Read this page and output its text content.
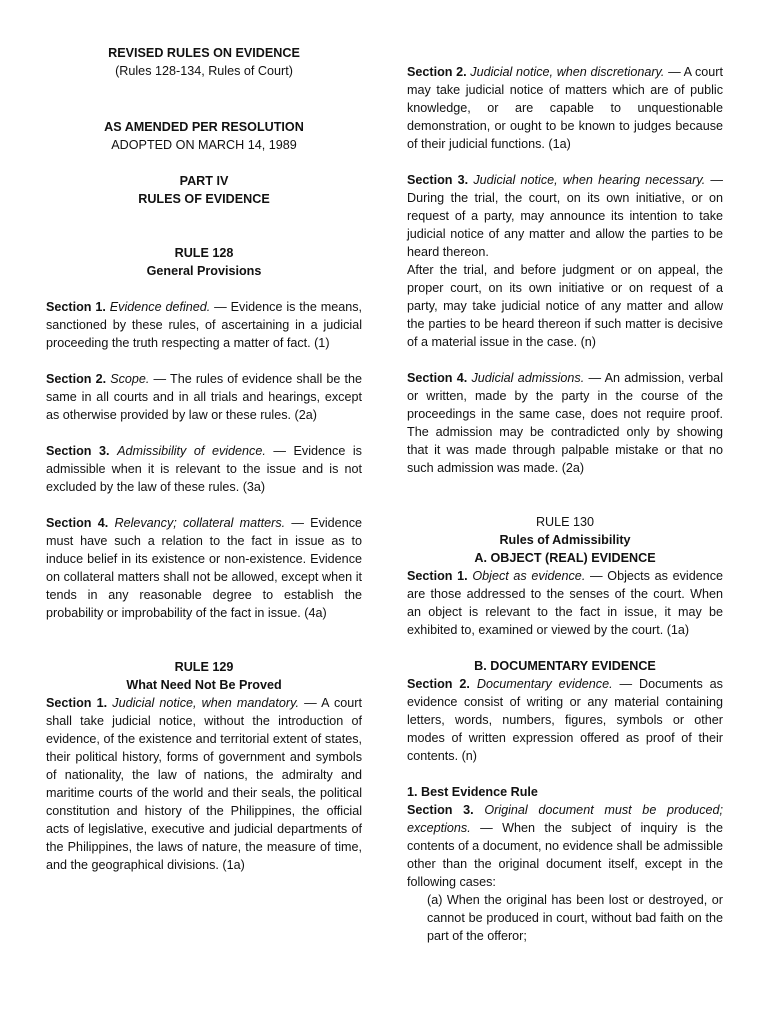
REVISED RULES ON EVIDENCE

(Rules 128-134, Rules of Court)

AS AMENDED PER RESOLUTION

ADOPTED ON MARCH 14, 1989

PART IV

RULES OF EVIDENCE

RULE 128

General Provisions

Section 1. Evidence defined. — Evidence is the means, sanctioned by these rules, of ascertaining in a judicial proceeding the truth respecting a matter of fact. (1)

Section 2. Scope. — The rules of evidence shall be the same in all courts and in all trials and hearings, except as otherwise provided by law or these rules. (2a)

Section 3. Admissibility of evidence. — Evidence is admissible when it is relevant to the issue and is not excluded by the law of these rules. (3a)

Section 4. Relevancy; collateral matters. — Evidence must have such a relation to the fact in issue as to induce belief in its existence or non-existence. Evidence on collateral matters shall not be allowed, except when it tends in any reasonable degree to establish the probability or improbability of the fact in issue. (4a)

RULE 129

What Need Not Be Proved

Section 1. Judicial notice, when mandatory. — A court shall take judicial notice, without the introduction of evidence, of the existence and territorial extent of states, their political history, forms of government and symbols of nationality, the law of nations, the admiralty and maritime courts of the world and their seals, the political constitution and history of the Philippines, the official acts of legislative, executive and judicial departments of the Philippines, the laws of nature, the measure of time, and the geographical divisions. (1a)

Section 2. Judicial notice, when discretionary. — A court may take judicial notice of matters which are of public knowledge, or are capable to unquestionable demonstration, or ought to be known to judges because of their judicial functions. (1a)

Section 3. Judicial notice, when hearing necessary. — During the trial, the court, on its own initiative, or on request of a party, may announce its intention to take judicial notice of any matter and allow the parties to be heard thereon.

After the trial, and before judgment or on appeal, the proper court, on its own initiative or on request of a party, may take judicial notice of any matter and allow the parties to be heard thereon if such matter is decisive of a material issue in the case. (n)

Section 4. Judicial admissions. — An admission, verbal or written, made by the party in the course of the proceedings in the same case, does not require proof. The admission may be contradicted only by showing that it was made through palpable mistake or that no such admission was made. (2a)

RULE 130

Rules of Admissibility

A. OBJECT (REAL) EVIDENCE

Section 1. Object as evidence. — Objects as evidence are those addressed to the senses of the court. When an object is relevant to the fact in issue, it may be exhibited to, examined or viewed by the court. (1a)

B. DOCUMENTARY EVIDENCE

Section 2. Documentary evidence. — Documents as evidence consist of writing or any material containing letters, words, numbers, figures, symbols or other modes of written expression offered as proof of their contents. (n)

1. Best Evidence Rule

Section 3. Original document must be produced; exceptions. — When the subject of inquiry is the contents of a document, no evidence shall be admissible other than the original document itself, except in the following cases:

(a) When the original has been lost or destroyed, or cannot be produced in court, without bad faith on the part of the offeror;
